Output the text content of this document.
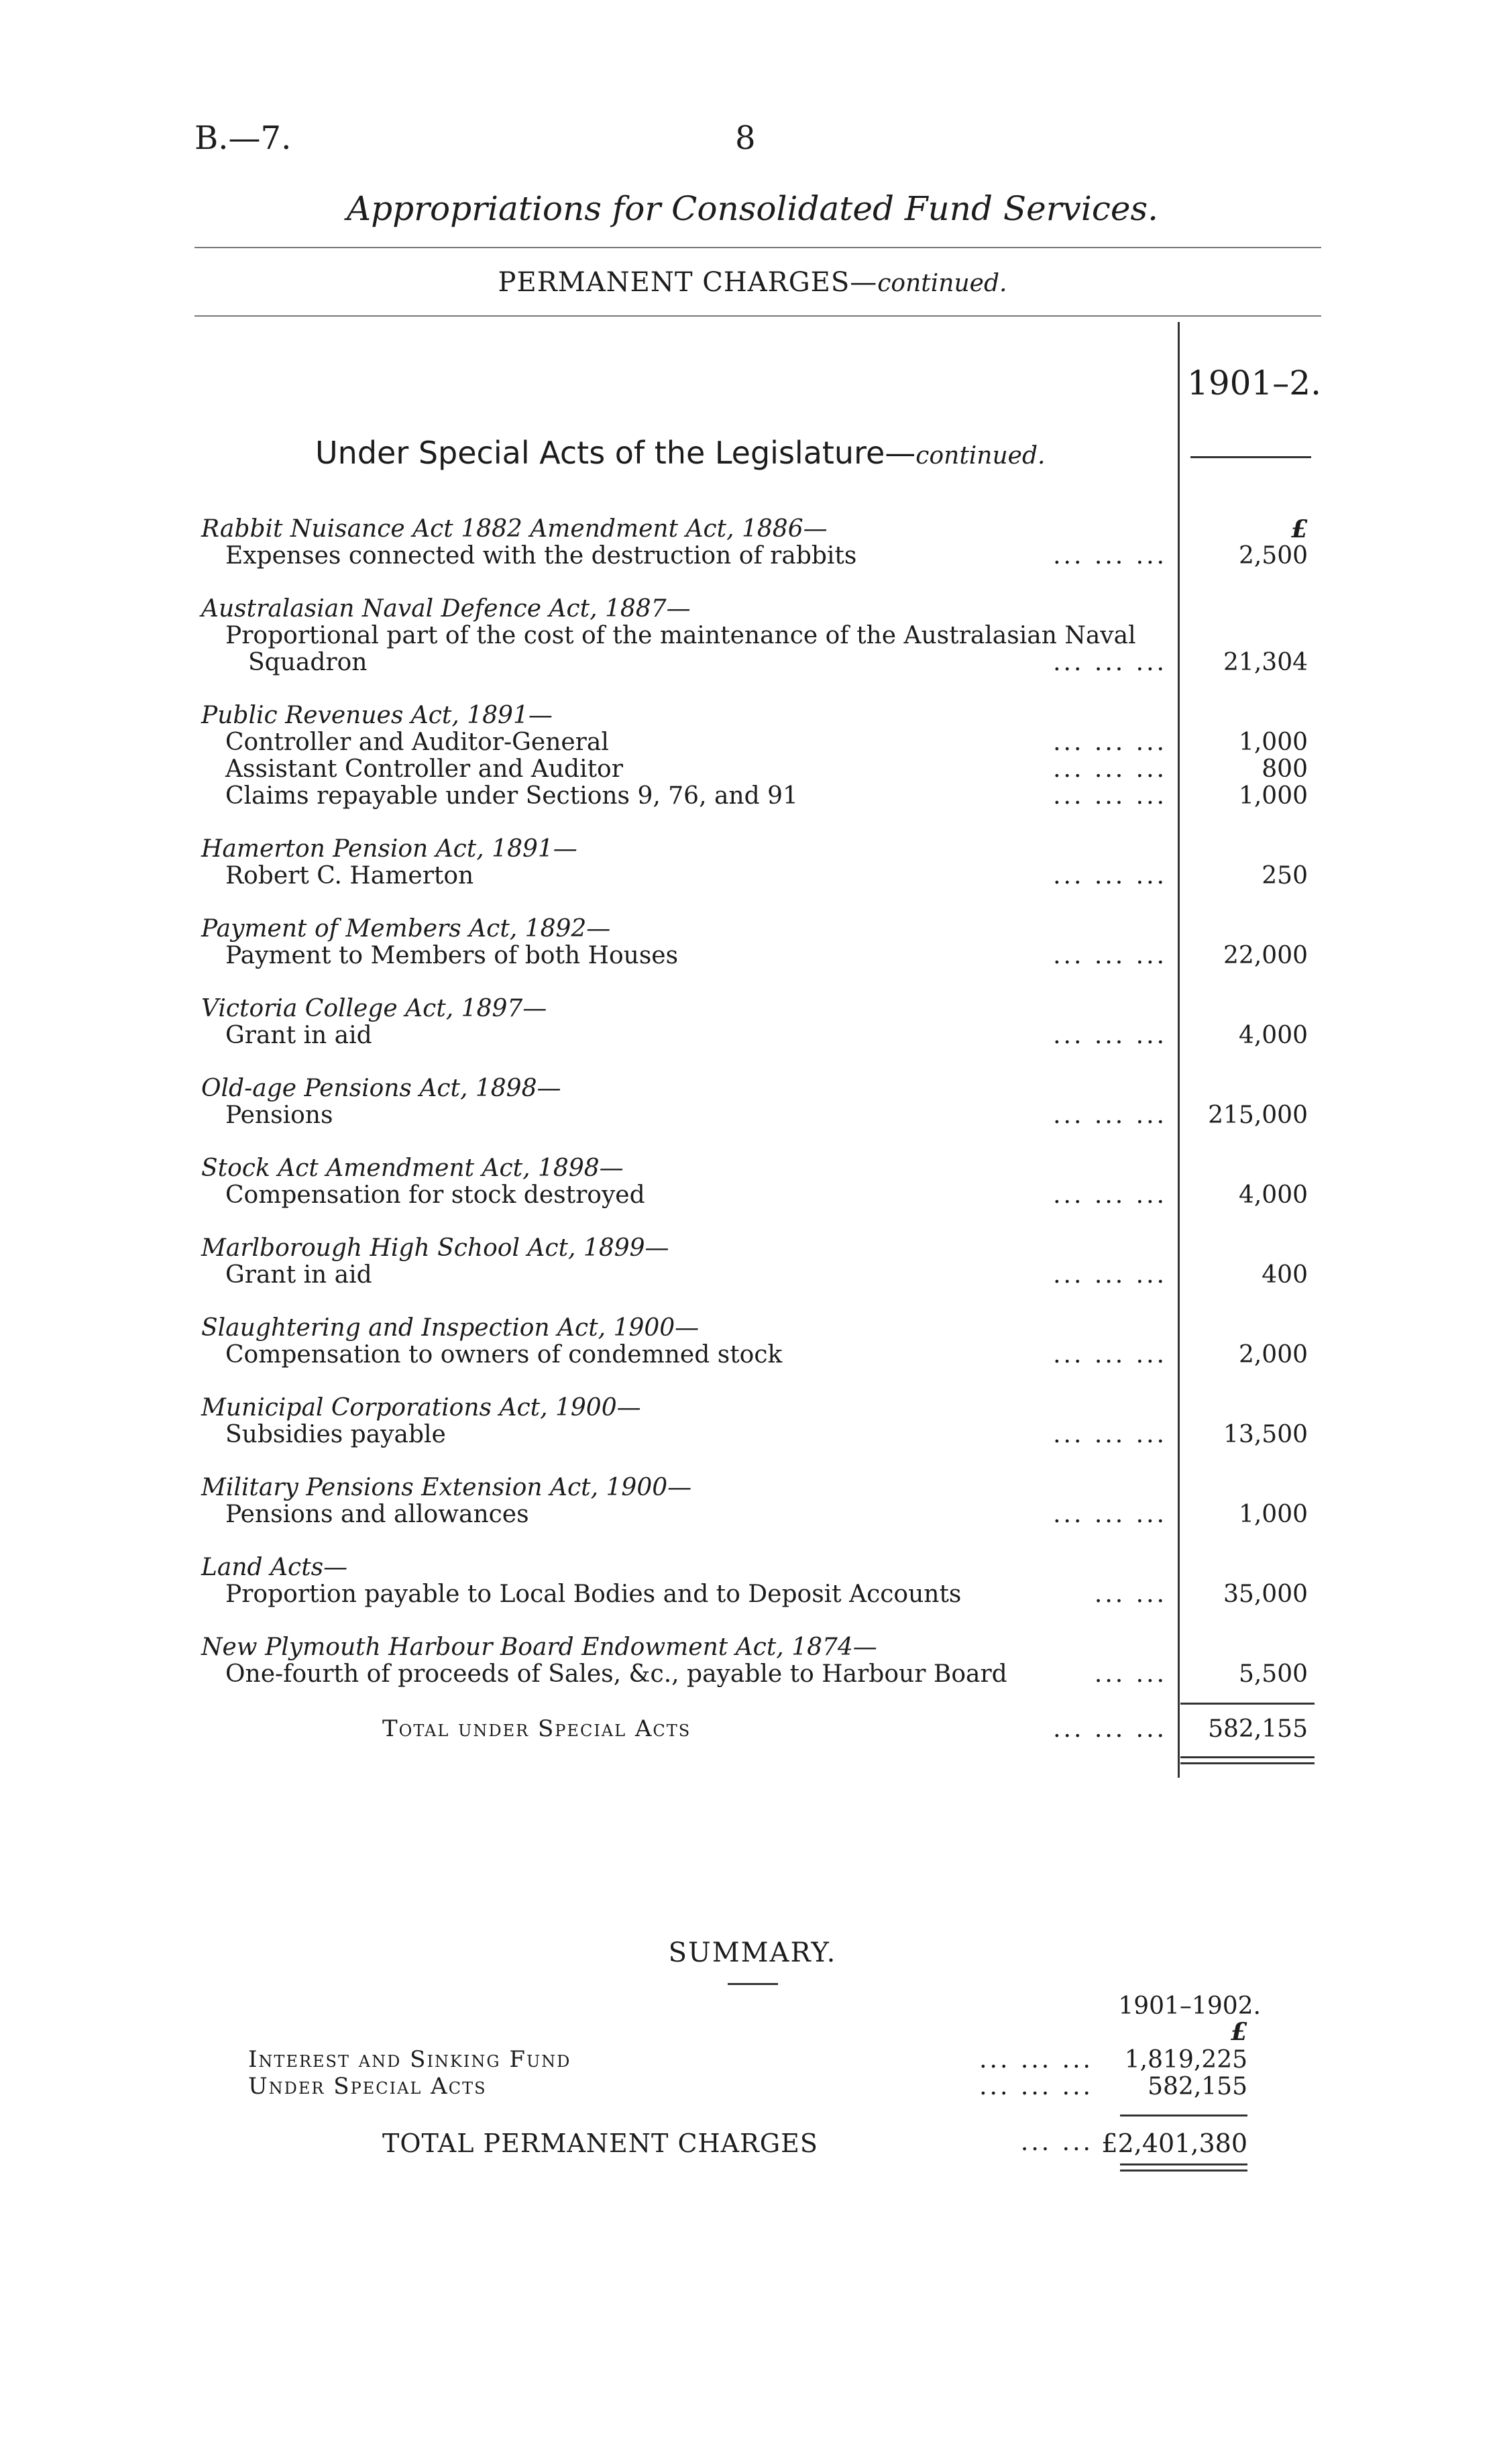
B.—7.	8
Appropriations for Consolidated Fund Services.
PERMANENT CHARGES—continued.
1901–2.
Under Special Acts of the Legislature—continued.
£
Rabbit Nuisance Act 1882 Amendment Act, 1886—
Expenses connected with the destruction of rabbits	... ... ...	2,500
Australasian Naval Defence Act, 1887—
Proportional part of the cost of the maintenance of the Australasian Naval
Squadron	... ... ...	21,304
Public Revenues Act, 1891—
Controller and Auditor-General	... ... ...	1,000
Assistant Controller and Auditor	... ... ...	800
Claims repayable under Sections 9, 76, and 91	... ... ...	1,000
Hamerton Pension Act, 1891—
Robert C. Hamerton	... ... ...	250
Payment of Members Act, 1892—
Payment to Members of both Houses	... ... ...	22,000
Victoria College Act, 1897—
Grant in aid	... ... ...	4,000
Old-age Pensions Act, 1898—
Pensions	... ... ...	215,000
Stock Act Amendment Act, 1898—
Compensation for stock destroyed	... ... ...	4,000
Marlborough High School Act, 1899—
Grant in aid	... ... ...	400
Slaughtering and Inspection Act, 1900—
Compensation to owners of condemned stock	... ... ...	2,000
Municipal Corporations Act, 1900—
Subsidies payable	... ... ...	13,500
Military Pensions Extension Act, 1900—
Pensions and allowances	... ... ...	1,000
Land Acts—
Proportion payable to Local Bodies and to Deposit Accounts	... ...	35,000
New Plymouth Harbour Board Endowment Act, 1874—
One-fourth of proceeds of Sales, &c., payable to Harbour Board	... ...	5,500
Total under Special Acts	... ... ...	582,155
SUMMARY.
1901–1902.
£
Interest and Sinking Fund	... ... ...	1,819,225
Under Special Acts	... ... ...	582,155
TOTAL PERMANENT CHARGES	... ... £2,401,380
